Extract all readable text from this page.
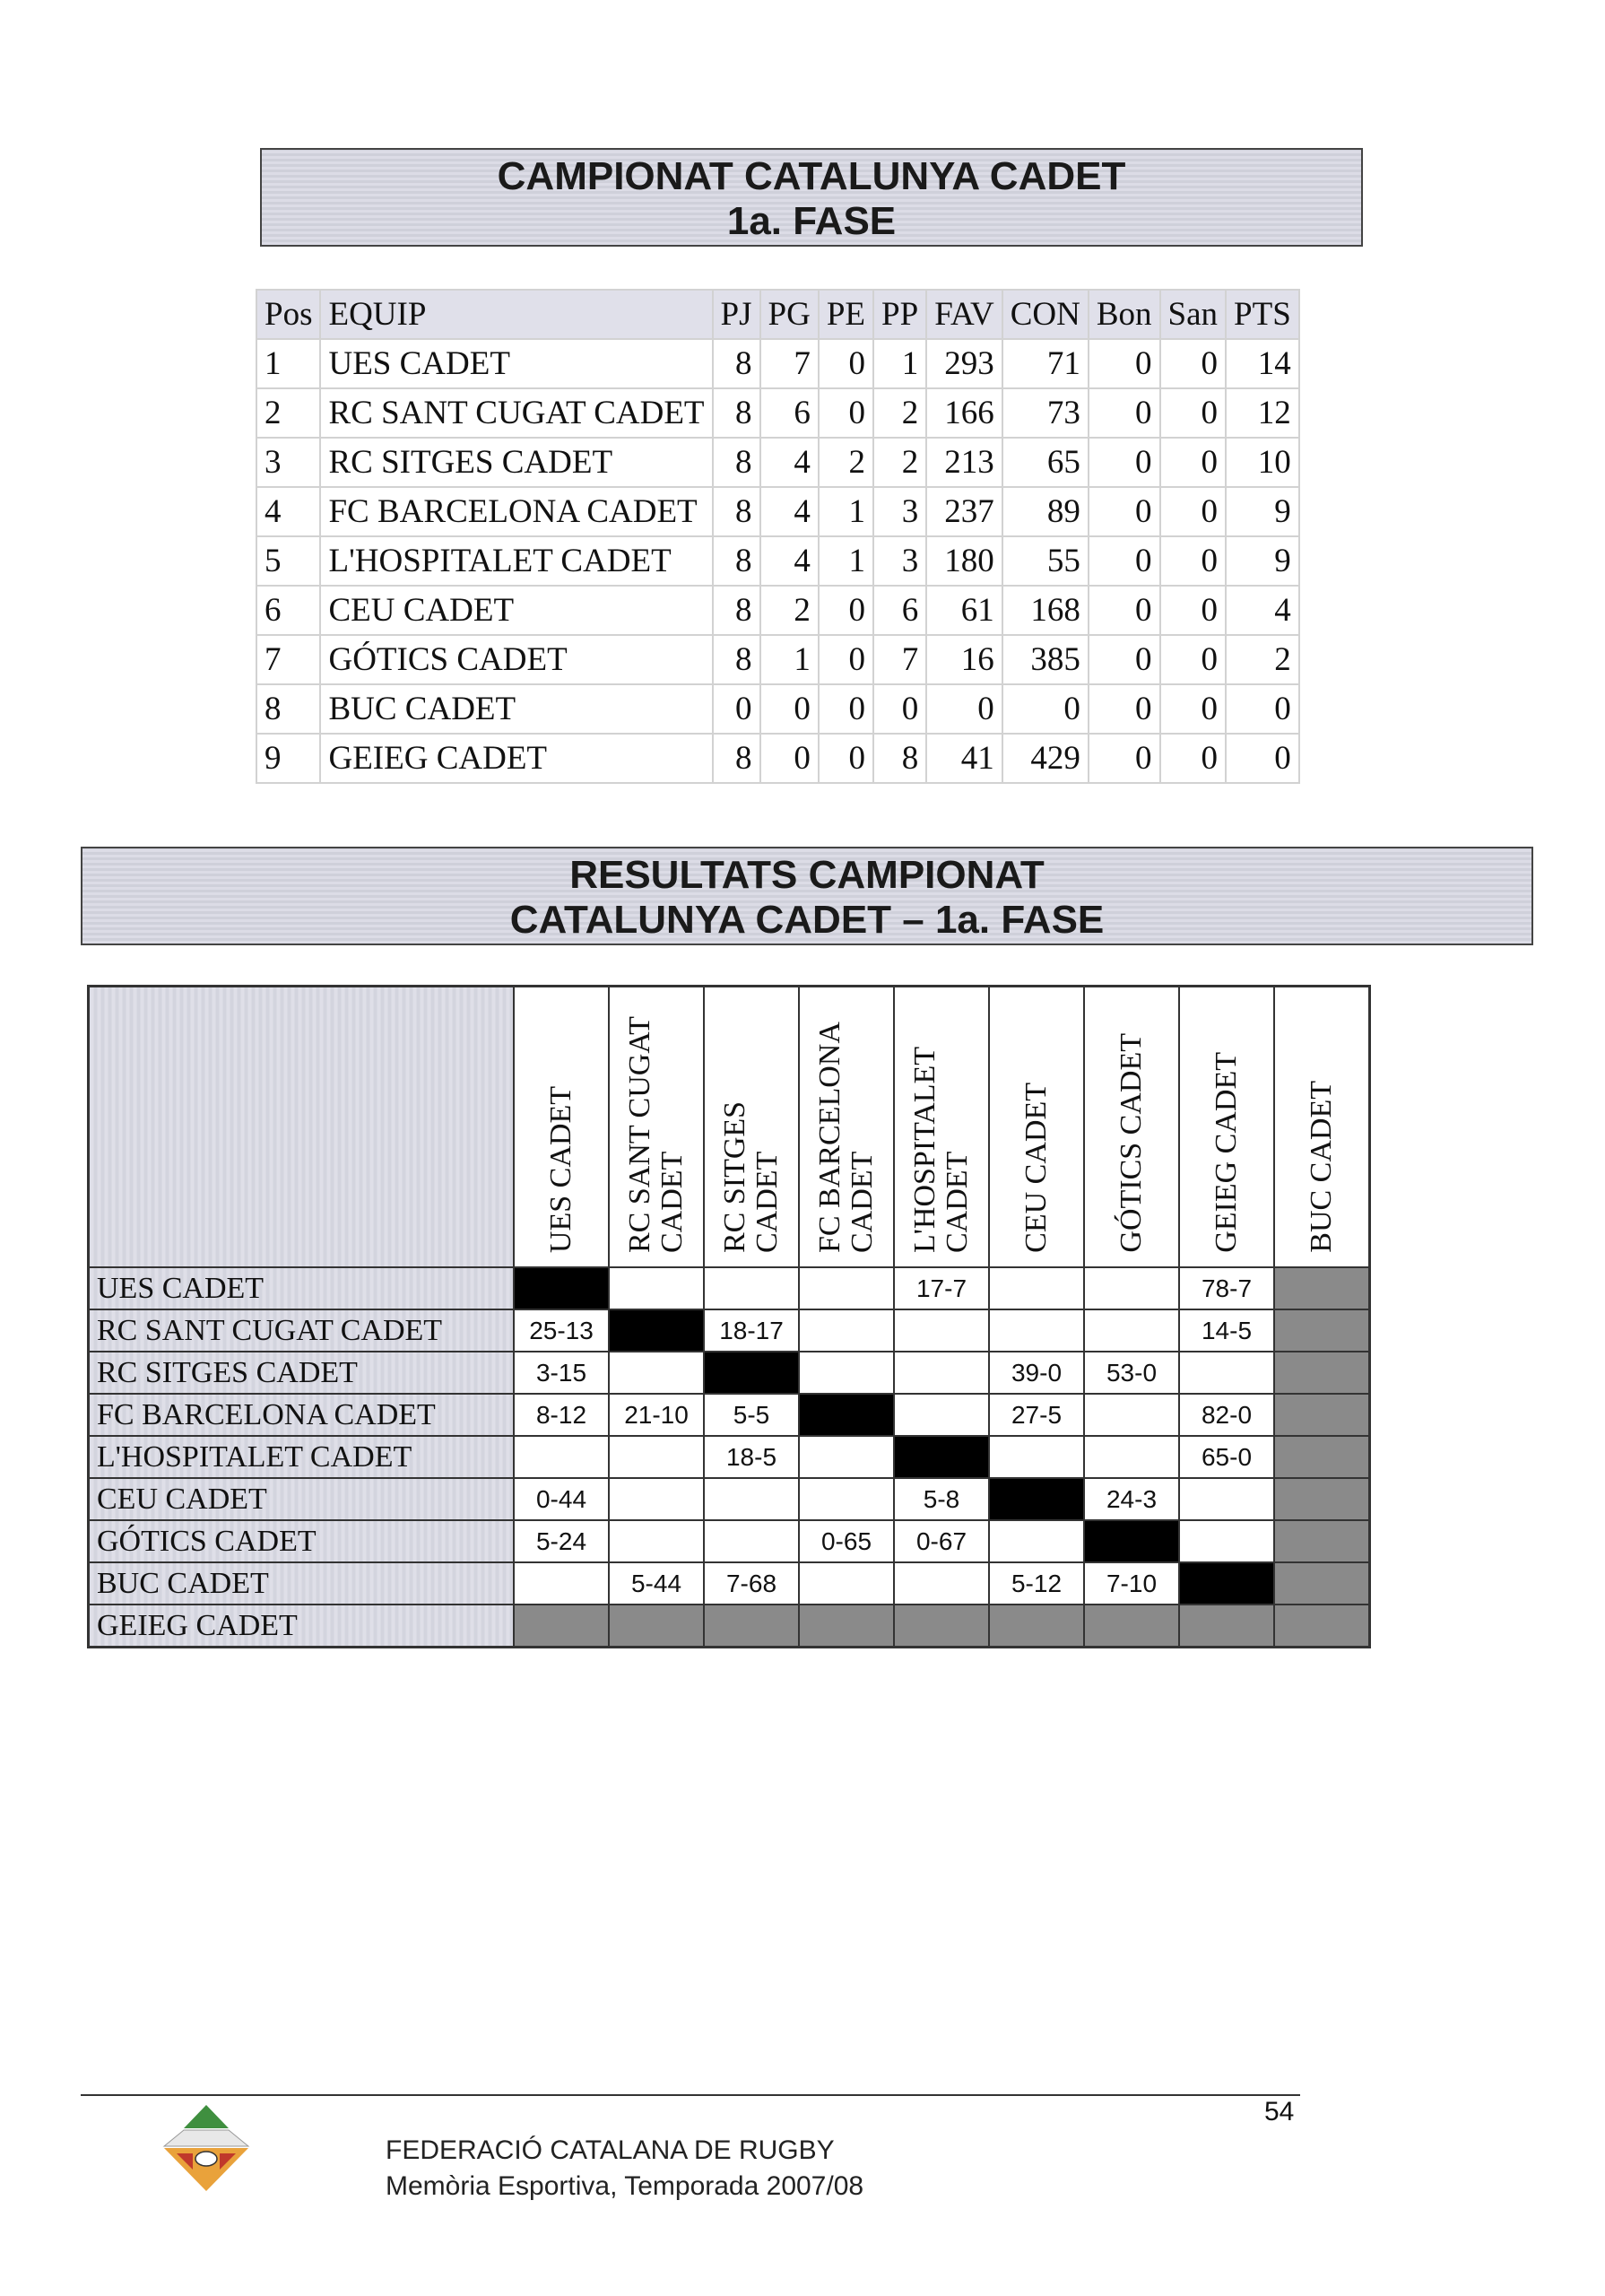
CAMPIONAT CATALUNYA CADET
1a. FASE
Pos	EQUIP	PJ	PG	PE	PP	FAV	CON	Bon	San	PTS
1	UES CADET	8	7	0	1	293	71	0	0	14
2	RC SANT CUGAT CADET	8	6	0	2	166	73	0	0	12
3	RC SITGES CADET	8	4	2	2	213	65	0	0	10
4	FC BARCELONA CADET	8	4	1	3	237	89	0	0	9
5	L'HOSPITALET CADET	8	4	1	3	180	55	0	0	9
6	CEU CADET	8	2	0	6	61	168	0	0	4
7	GÓTICS CADET	8	1	0	7	16	385	0	0	2
8	BUC CADET	0	0	0	0	0	0	0	0	0
9	GEIEG CADET	8	0	0	8	41	429	0	0	0
RESULTATS CAMPIONAT
CATALUNYA CADET – 1a. FASE
	UES CADET	RC SANT CUGAT CADET	RC SITGES CADET	FC BARCELONA CADET	L'HOSPITALET CADET	CEU CADET	GÓTICS CADET	GEIEG CADET	BUC CADET
UES CADET					17-7			78-7	
RC SANT CUGAT CADET	25-13		18-17					14-5	
RC SITGES CADET	3-15					39-0	53-0		
FC BARCELONA CADET	8-12	21-10	5-5			27-5		82-0	
L'HOSPITALET CADET			18-5					65-0	
CEU CADET	0-44				5-8		24-3		
GÓTICS CADET	5-24			0-65	0-67				
BUC CADET		5-44	7-68			5-12	7-10		
GEIEG CADET									
54
FEDERACIÓ CATALANA DE RUGBY
Memòria Esportiva, Temporada 2007/08
